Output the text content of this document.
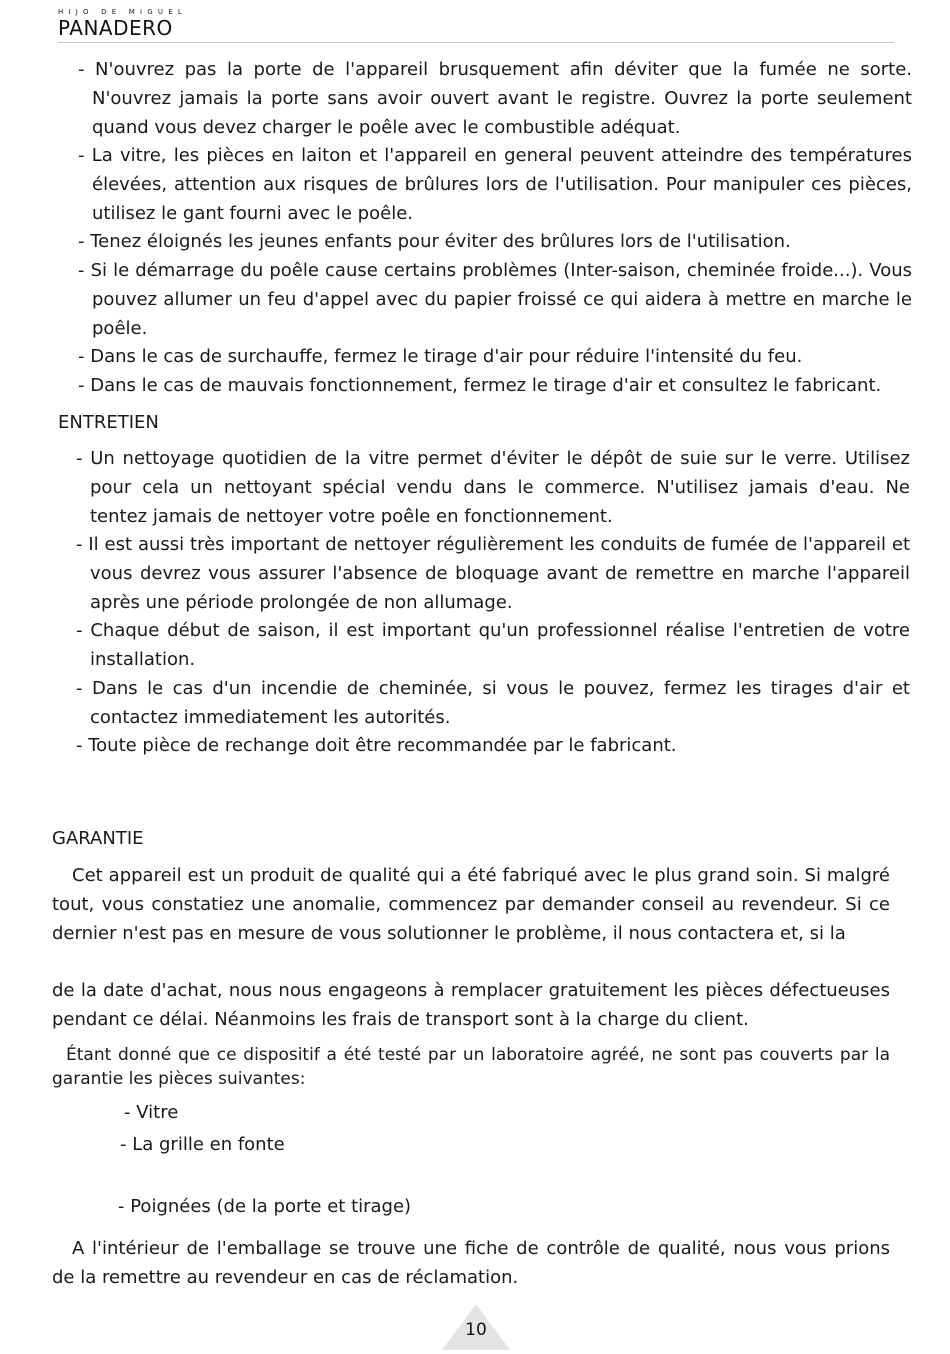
HIJO DE MIGUEL
PANADERO
- N'ouvrez pas la porte de l'appareil brusquement afin déviter que la fumée ne sorte. N'ouvrez jamais la porte sans avoir ouvert avant le registre. Ouvrez la porte seulement quand vous devez charger le poêle avec le combustible adéquat.
- La vitre, les pièces en laiton et l'appareil en general peuvent atteindre des températures élevées, attention aux risques de brûlures lors de l'utilisation. Pour manipuler ces pièces, utilisez le gant fourni avec le poêle.
- Tenez éloignés les jeunes enfants pour éviter des brûlures lors de l'utilisation.
- Si le démarrage du poêle cause certains problèmes (Inter-saison, cheminée froide...). Vous pouvez allumer un feu d'appel avec du papier froissé ce qui aidera à mettre en marche le poêle.
- Dans le cas de surchauffe, fermez le tirage d'air pour réduire l'intensité du feu.
- Dans le cas de mauvais fonctionnement, fermez le tirage d'air et consultez le fabricant.
ENTRETIEN
- Un nettoyage quotidien de la vitre permet d'éviter le dépôt de suie sur le verre. Utilisez pour cela un nettoyant spécial vendu dans le commerce. N'utilisez jamais d'eau. Ne tentez jamais de nettoyer votre poêle en fonctionnement.
- Il est aussi très important de nettoyer régulièrement les conduits de fumée de l'appareil et vous devrez vous assurer l'absence de bloquage avant de remettre en marche l'appareil après une période prolongée de non allumage.
- Chaque début de saison, il est important qu'un professionnel réalise l'entretien de votre installation.
- Dans le cas d'un incendie de cheminée, si vous le pouvez, fermez les tirages d'air et contactez immediatement les autorités.
- Toute pièce de rechange doit être recommandée par le fabricant.
GARANTIE
Cet appareil est un produit de qualité qui a été fabriqué avec le plus grand soin. Si malgré tout, vous constatiez une anomalie, commencez par demander conseil au revendeur. Si ce dernier n'est pas en mesure de vous solutionner le problème, il nous contactera et, si la
de la date d'achat, nous nous engageons à remplacer gratuitement les pièces défectueuses pendant ce délai. Néanmoins les frais de transport sont à la charge du client.
Étant donné que ce dispositif a été testé par un laboratoire agréé, ne sont pas couverts par la garantie les pièces suivantes:
- Vitre
- La grille en fonte
- Poignées (de la porte et tirage)
A l'intérieur de l'emballage se trouve une fiche de contrôle de qualité, nous vous prions de la remettre au revendeur en cas de réclamation.
10
